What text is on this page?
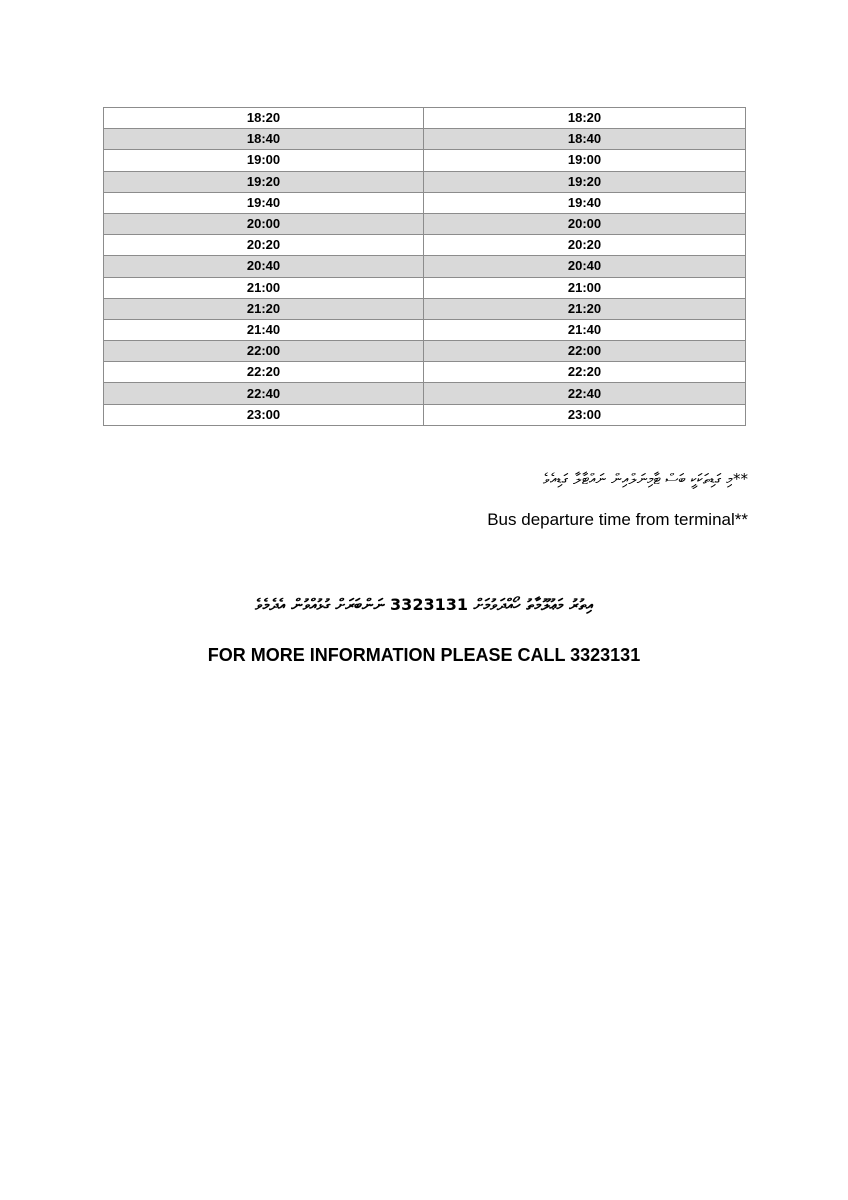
18:20	18:20
18:40	18:40
19:00	19:00
19:20	19:20
19:40	19:40
20:00	20:00
20:20	20:20
20:40	20:40
21:00	21:00
21:20	21:20
21:40	21:40
22:00	22:00
22:20	22:20
22:40	22:40
23:00	23:00
**މި ގަޑިތަކަކީ ބަސް ޓާމިނަލްއިން ނައްޓާލާ ގަޑިއެވެ
Bus departure time from terminal**
އިތުރު މަޢުލޫމާތު ހޯއްދަވުމަށް 3323131 ނަންބަރަށް ގުޅުއްވުން އެދެމެވެ
FOR MORE INFORMATION PLEASE CALL 3323131
